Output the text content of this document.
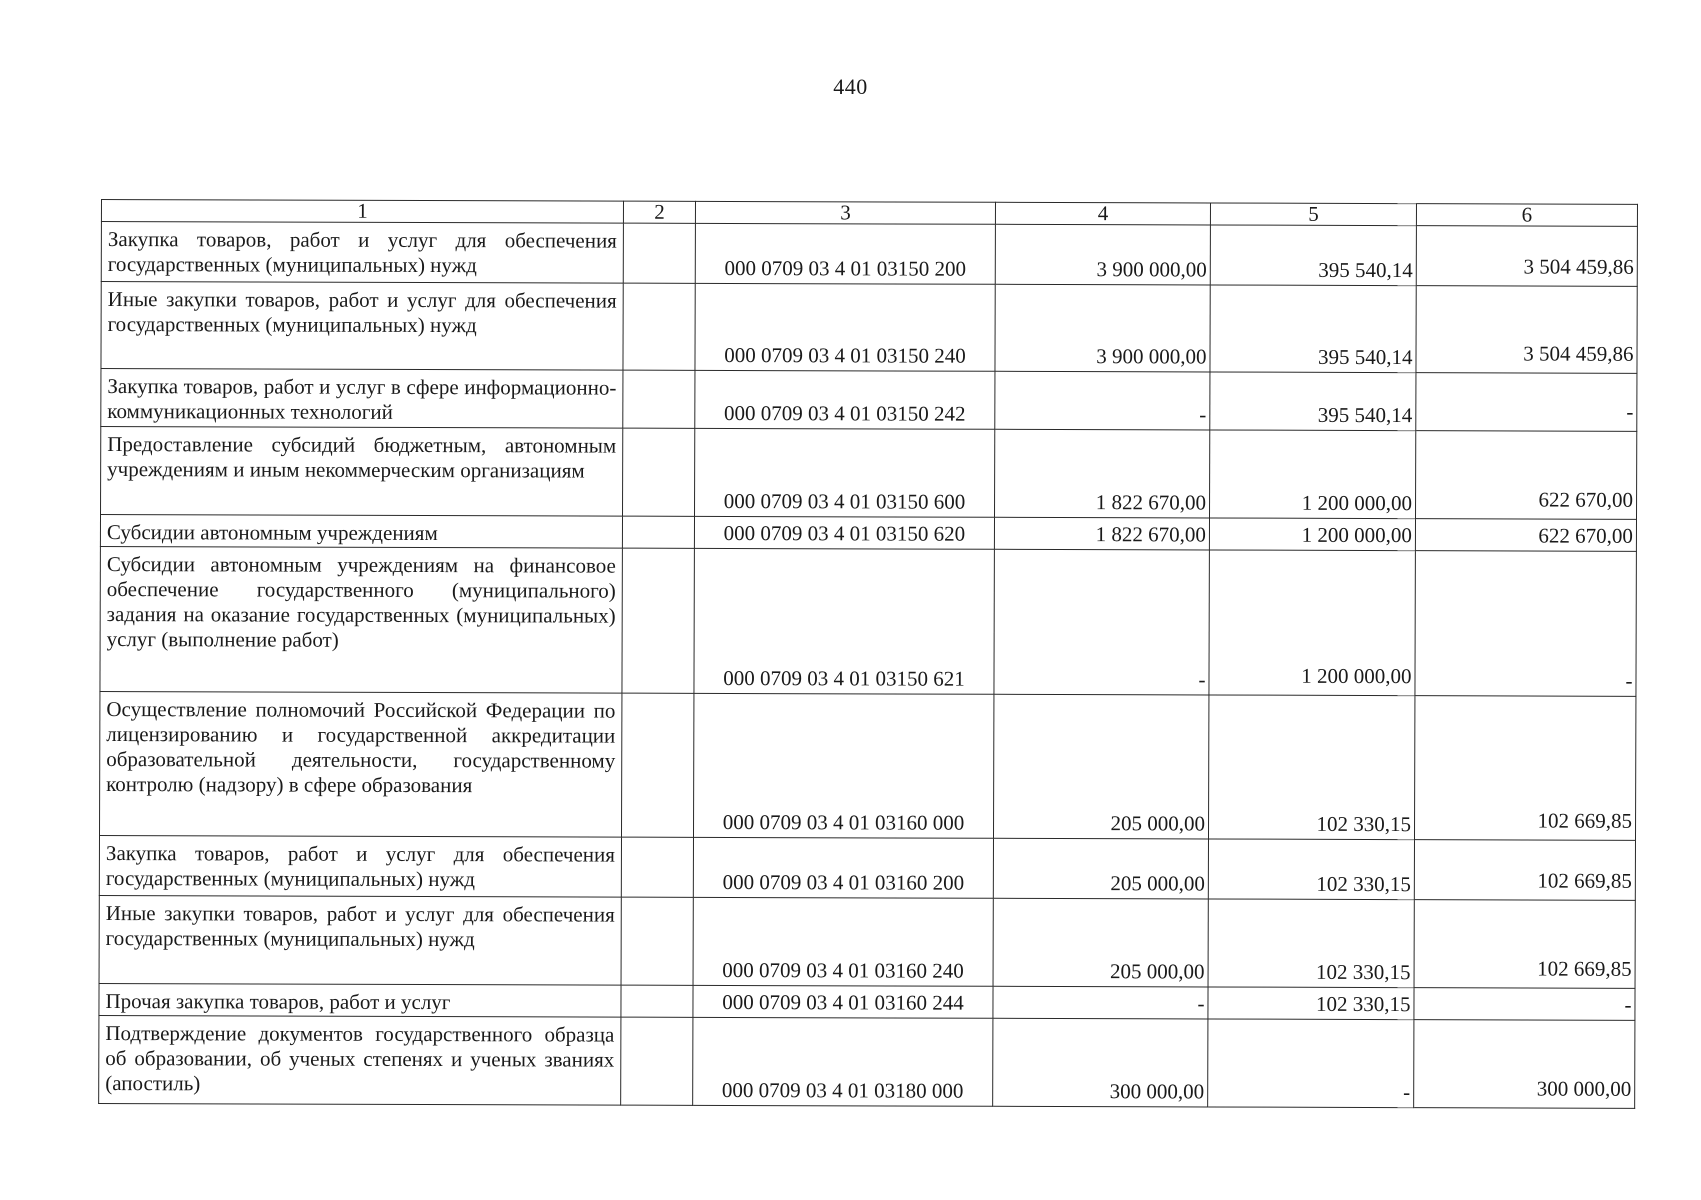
440
1	2	3	4	5	6
Закупка товаров, работ и услуг для обеспечения государственных (муниципальных) нужд		000 0709 03 4 01 03150 200	3 900 000,00	395 540,14	3 504 459,86
Иные закупки товаров, работ и услуг для обеспечения государственных (муниципальных) нужд		000 0709 03 4 01 03150 240	3 900 000,00	395 540,14	3 504 459,86
Закупка товаров, работ и услуг в сфере информационно-коммуникационных технологий		000 0709 03 4 01 03150 242	-	395 540,14	-
Предоставление субсидий бюджетным, автономным учреждениям и иным некоммерческим организациям		000 0709 03 4 01 03150 600	1 822 670,00	1 200 000,00	622 670,00
Субсидии автономным учреждениям		000 0709 03 4 01 03150 620	1 822 670,00	1 200 000,00	622 670,00
Субсидии автономным учреждениям на финансовое обеспечение государственного (муниципального) задания на оказание государственных (муниципальных) услуг (выполнение работ)		000 0709 03 4 01 03150 621	-	1 200 000,00	-
Осуществление полномочий Российской Федерации по лицензированию и государственной аккредитации образовательной деятельности, государственному контролю (надзору) в сфере образования		000 0709 03 4 01 03160 000	205 000,00	102 330,15	102 669,85
Закупка товаров, работ и услуг для обеспечения государственных (муниципальных) нужд		000 0709 03 4 01 03160 200	205 000,00	102 330,15	102 669,85
Иные закупки товаров, работ и услуг для обеспечения государственных (муниципальных) нужд		000 0709 03 4 01 03160 240	205 000,00	102 330,15	102 669,85
Прочая закупка товаров, работ и услуг		000 0709 03 4 01 03160 244	-	102 330,15	-
Подтверждение документов государственного образца об образовании, об ученых степенях и ученых званиях (апостиль)		000 0709 03 4 01 03180 000	300 000,00	-	300 000,00
